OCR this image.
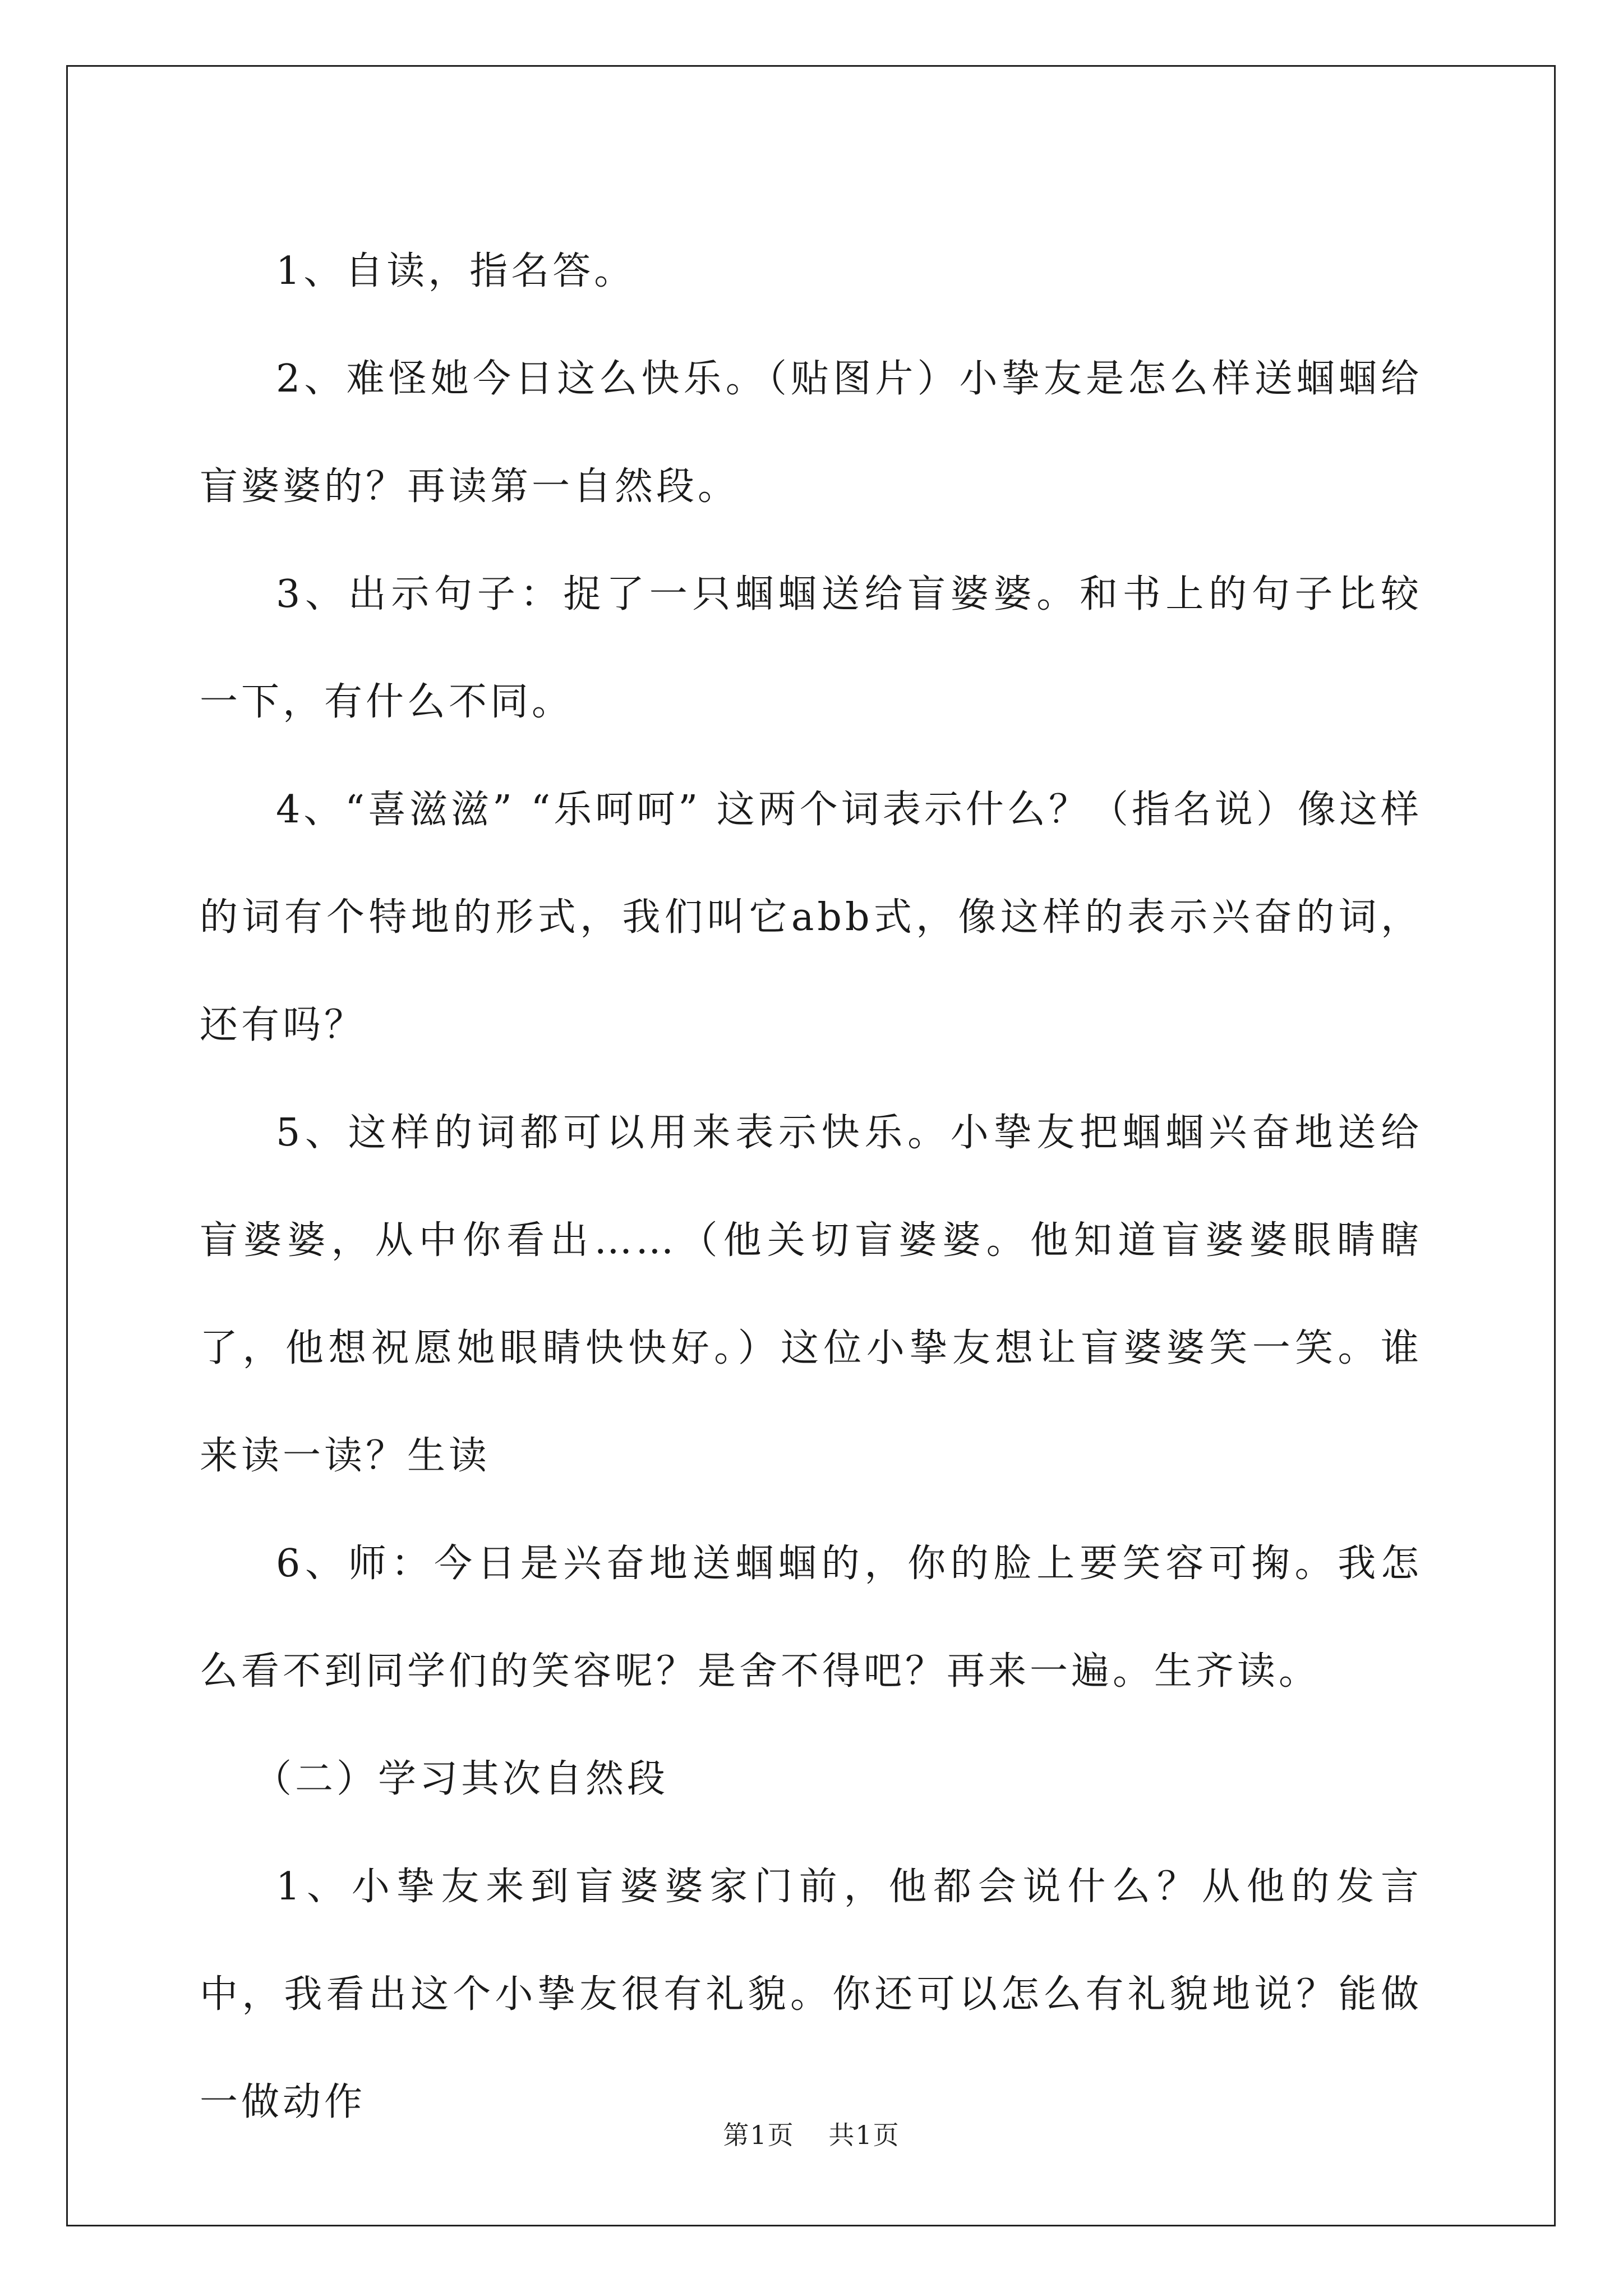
1、自读，指名答。

2、难怪她今日这么快乐。（贴图片）小挚友是怎么样送蝈蝈给盲婆婆的？再读第一自然段。

3、出示句子：捉了一只蝈蝈送给盲婆婆。和书上的句子比较一下，有什么不同。

4、“喜滋滋” “乐呵呵” 这两个词表示什么？（指名说）像这样的词有个特地的形式，我们叫它abb式，像这样的表示兴奋的词，还有吗？

5、这样的词都可以用来表示快乐。小挚友把蝈蝈兴奋地送给盲婆婆，从中你看出……（他关切盲婆婆。他知道盲婆婆眼睛瞎了，他想祝愿她眼睛快快好。）这位小挚友想让盲婆婆笑一笑。谁来读一读？生读

6、师：今日是兴奋地送蝈蝈的，你的脸上要笑容可掬。我怎么看不到同学们的笑容呢？是舍不得吧？再来一遍。生齐读。

（二）学习其次自然段

1、小挚友来到盲婆婆家门前，他都会说什么？从他的发言中，我看出这个小挚友很有礼貌。你还可以怎么有礼貌地说？能做一做动作

第1页 共1页
